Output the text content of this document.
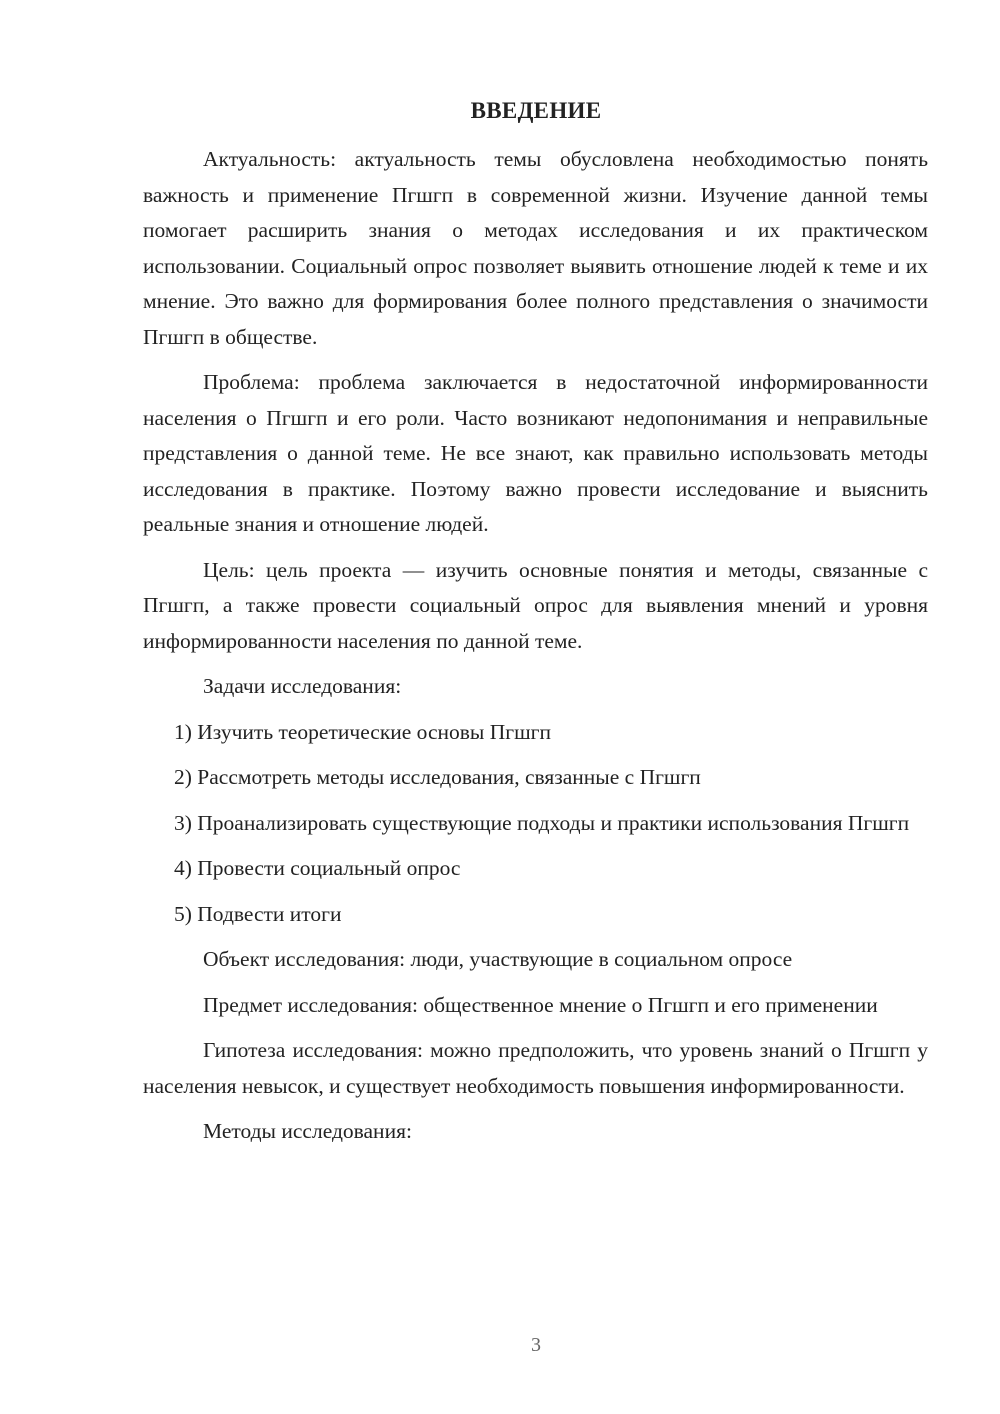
ВВЕДЕНИЕ

Актуальность: актуальность темы обусловлена необходимостью понять важность и применение Пгшгп в современной жизни. Изучение данной темы помогает расширить знания о методах исследования и их практическом использовании. Социальный опрос позволяет выявить отношение людей к теме и их мнение. Это важно для формирования более полного представления о значимости Пгшгп в обществе.

Проблема: проблема заключается в недостаточной информированности населения о Пгшгп и его роли. Часто возникают недопонимания и неправильные представления о данной теме. Не все знают, как правильно использовать методы исследования в практике. Поэтому важно провести исследование и выяснить реальные знания и отношение людей.

Цель: цель проекта — изучить основные понятия и методы, связанные с Пгшгп, а также провести социальный опрос для выявления мнений и уровня информированности населения по данной теме.

Задачи исследования:

1) Изучить теоретические основы Пгшгп

2) Рассмотреть методы исследования, связанные с Пгшгп

3) Проанализировать существующие подходы и практики использования Пгшгп

4) Провести социальный опрос

5) Подвести итоги

Объект исследования: люди, участвующие в социальном опросе

Предмет исследования: общественное мнение о Пгшгп и его применении

Гипотеза исследования: можно предположить, что уровень знаний о Пгшгп у населения невысок, и существует необходимость повышения информированности.

Методы исследования:

3
